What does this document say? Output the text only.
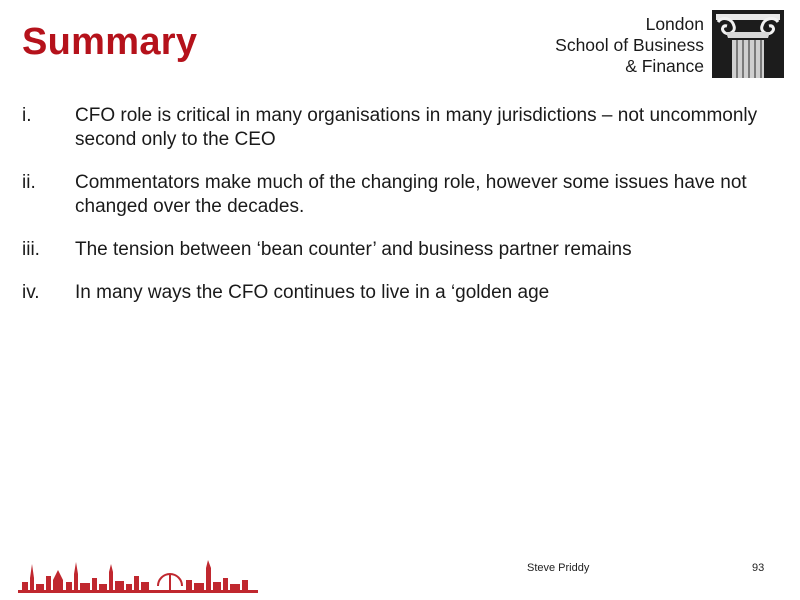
Summary	London
School of Business
& Finance
i. CFO role is critical in many organisations in many jurisdictions – not uncommonly second only to the CEO
ii. Commentators make much of the changing role, however some issues have not changed over the decades.
iii. The tension between ‘bean counter’ and business partner remains
iv. In many ways the CFO continues to live in a ‘golden age
Steve Priddy	93
